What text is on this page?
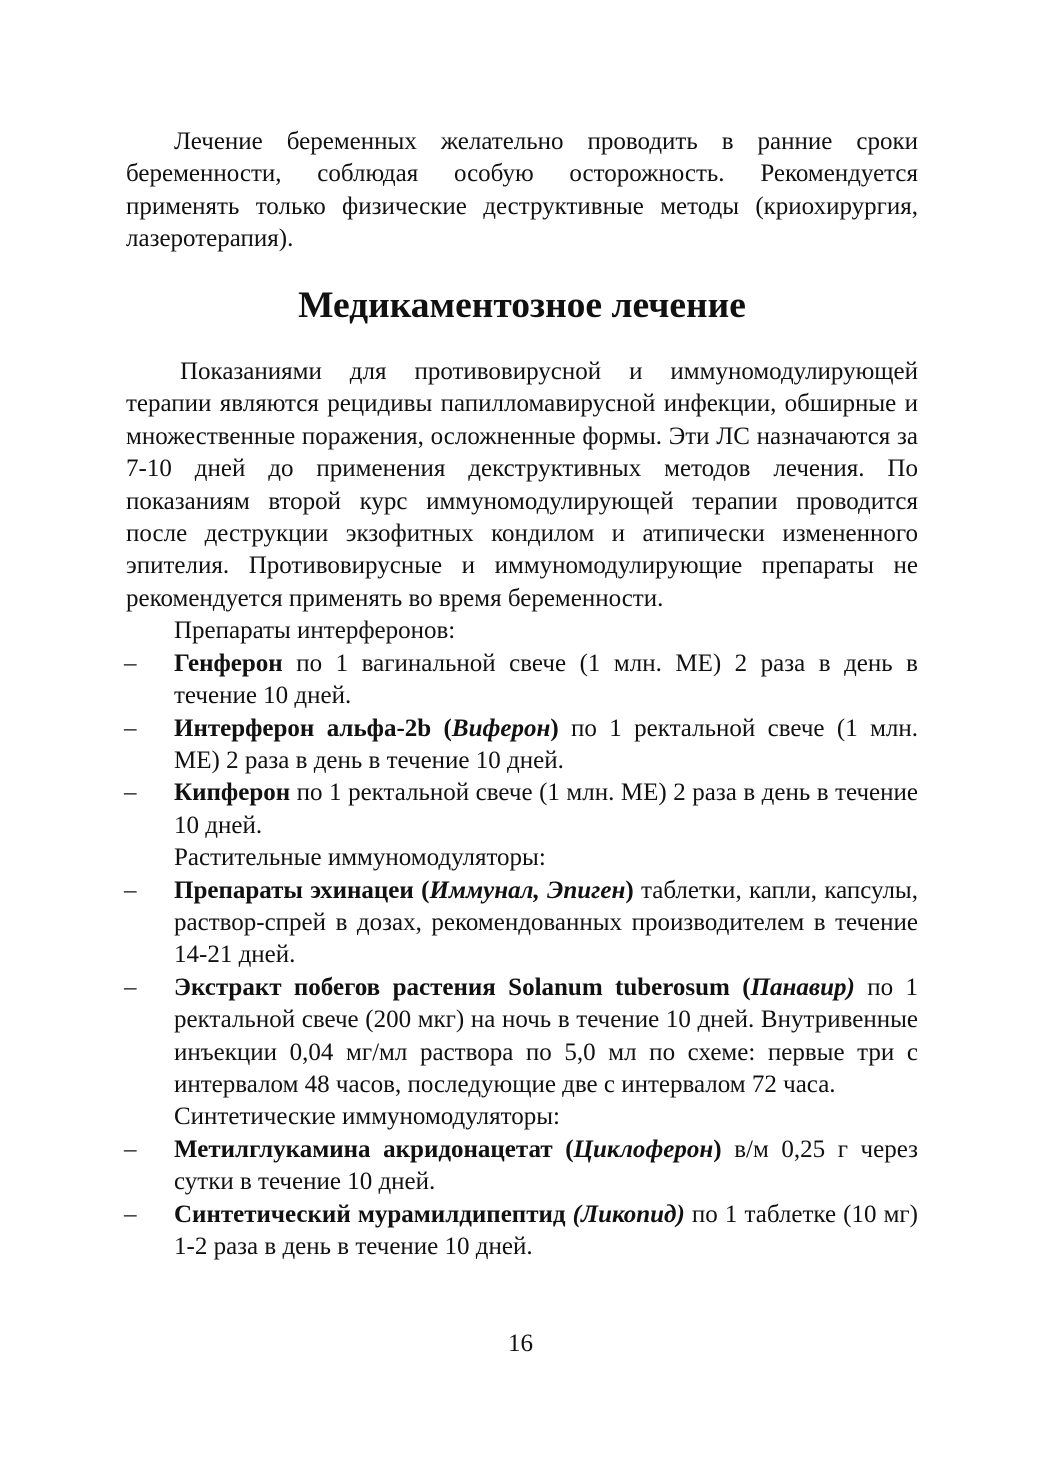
Лечение беременных желательно проводить в ранние сроки беременности, соблюдая особую осторожность. Рекомендуется применять только физические деструктивные методы (криохирургия, лазеротерапия).

Медикаментозное лечение

Показаниями для противовирусной и иммуномодулирующей терапии являются рецидивы папилломавирусной инфекции, обширные и множественные поражения, осложненные формы. Эти ЛС назначаются за 7-10 дней до применения декструктивных методов лечения. По показаниям второй курс иммуномодулирующей терапии проводится после деструкции экзофитных кондилом и атипически измененного эпителия. Противовирусные и иммуномодулирующие препараты не рекомендуется применять во время беременности.

Препараты интерферонов:

– Генферон по 1 вагинальной свече (1 млн. МЕ) 2 раза в день в течение 10 дней.
– Интерферон альфа-2b (Виферон) по 1 ректальной свече (1 млн. МЕ) 2 раза в день в течение 10 дней.
– Кипферон по 1 ректальной свече (1 млн. МЕ) 2 раза в день в течение 10 дней.

Растительные иммуномодуляторы:

– Препараты эхинацеи (Иммунал, Эпиген) таблетки, капли, капсулы, раствор-спрей в дозах, рекомендованных производителем в течение 14-21 дней.
– Экстракт побегов растения Solanum tuberosum (Панавир) по 1 ректальной свече (200 мкг) на ночь в течение 10 дней. Внутривенные инъекции 0,04 мг/мл раствора по 5,0 мл по схеме: первые три с интервалом 48 часов, последующие две с интервалом 72 часа.

Синтетические иммуномодуляторы:

– Метилглукамина акридонацетат (Циклоферон) в/м 0,25 г через сутки в течение 10 дней.
– Синтетический мурамилдипептид (Ликопид) по 1 таблетке (10 мг) 1-2 раза в день в течение 10 дней.
16
